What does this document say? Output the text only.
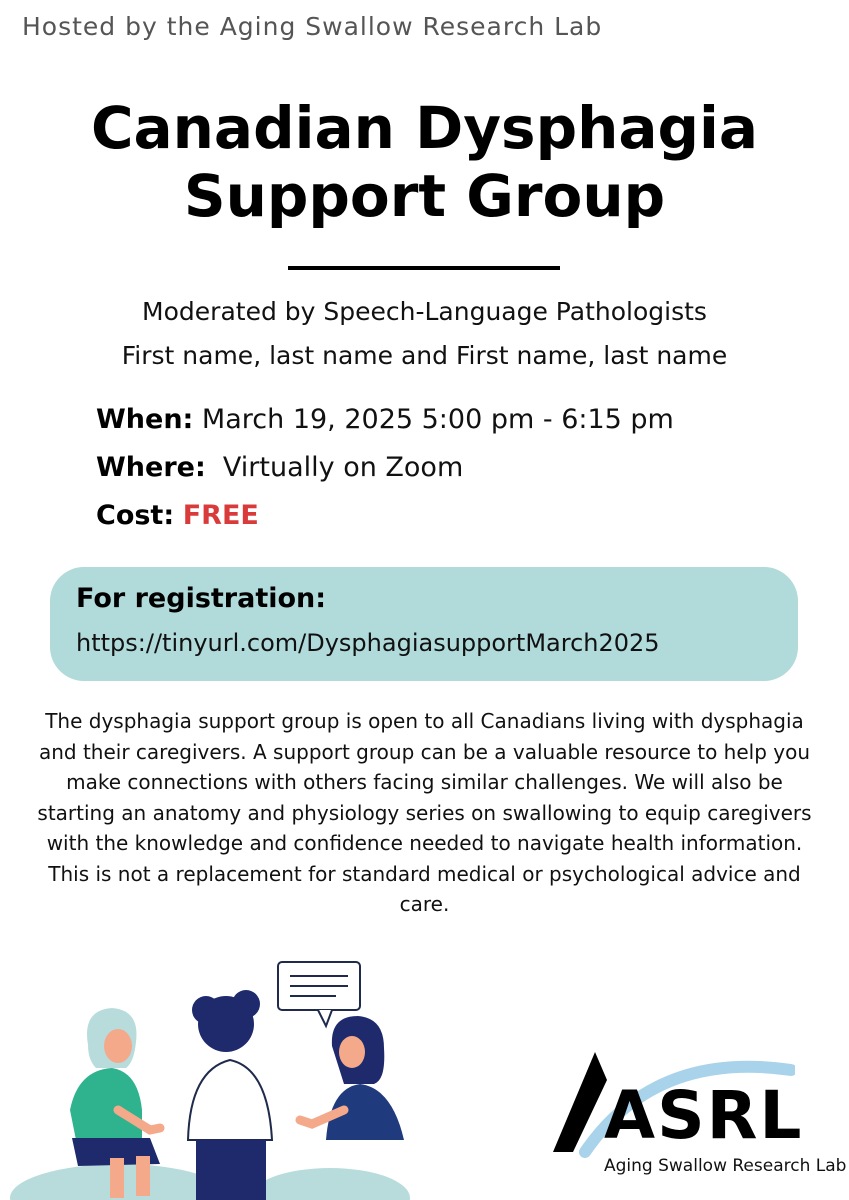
Hosted by the Aging Swallow Research Lab
Canadian Dysphagia
Support Group
Moderated by Speech-Language Pathologists
First name, last name and First name, last name
When: March 19, 2025 5:00 pm - 6:15 pm
Where:  Virtually on Zoom
Cost: FREE
For registration:
https://tinyurl.com/DysphagiasupportMarch2025
The dysphagia support group is open to all Canadians living with dysphagia and their caregivers. A support group can be a valuable resource to help you make connections with others facing similar challenges. We will also be starting an anatomy and physiology series on swallowing to equip caregivers with the knowledge and confidence needed to navigate health information. This is not a replacement for standard medical or psychological advice and care.
ASRL
Aging Swallow Research Lab
